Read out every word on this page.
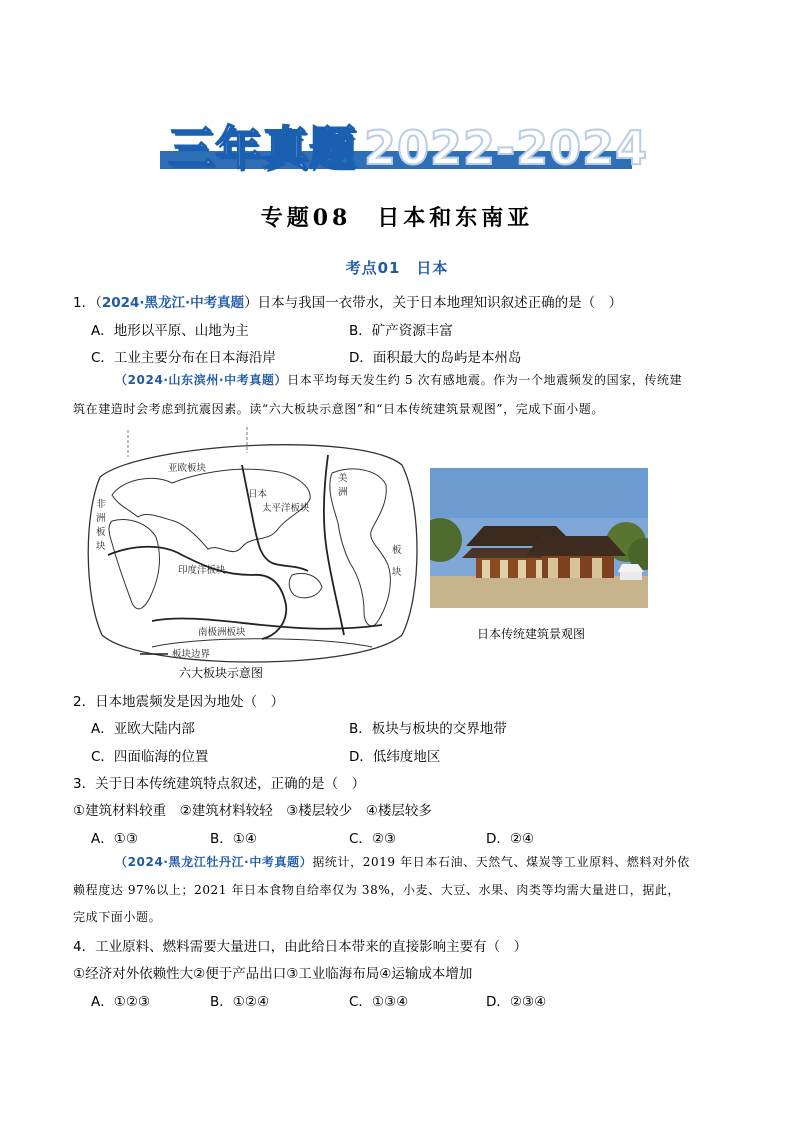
三年真题 2022-2024
专题08　日本和东南亚
考点01　日本
1．（2024·黑龙江·中考真题）日本与我国一衣带水，关于日本地理知识叙述正确的是（　）
A．地形以平原、山地为主	B．矿产资源丰富
C．工业主要分布在日本海沿岸	D．面积最大的岛屿是本州岛
（2024·山东滨州·中考真题）日本平均每天发生约 5 次有感地震。作为一个地震频发的国家，传统建
筑在建造时会考虑到抗震因素。读“六大板块示意图”和“日本传统建筑景观图”，完成下面小题。
亚欧板块
非
洲
板
块
日本
太平洋板块
美
洲
板
块
印度洋板块
南极洲板块
板块边界
六大板块示意图
日本传统建筑景观图
2．日本地震频发是因为地处（　）
A．亚欧大陆内部	B．板块与板块的交界地带
C．四面临海的位置	D．低纬度地区
3．关于日本传统建筑特点叙述，正确的是（　）
①建筑材料较重　②建筑材料较轻　③楼层较少　④楼层较多
A．①③	B．①④	C．②③	D．②④
（2024·黑龙江牡丹江·中考真题）据统计，2019 年日本石油、天然气、煤炭等工业原料、燃料对外依
赖程度达 97%以上；2021 年日本食物自给率仅为 38%，小麦、大豆、水果、肉类等均需大量进口，据此，
完成下面小题。
4．工业原料、燃料需要大量进口，由此给日本带来的直接影响主要有（　）
①经济对外依赖性大②便于产品出口③工业临海布局④运输成本增加
A．①②③	B．①②④	C．①③④	D．②③④
